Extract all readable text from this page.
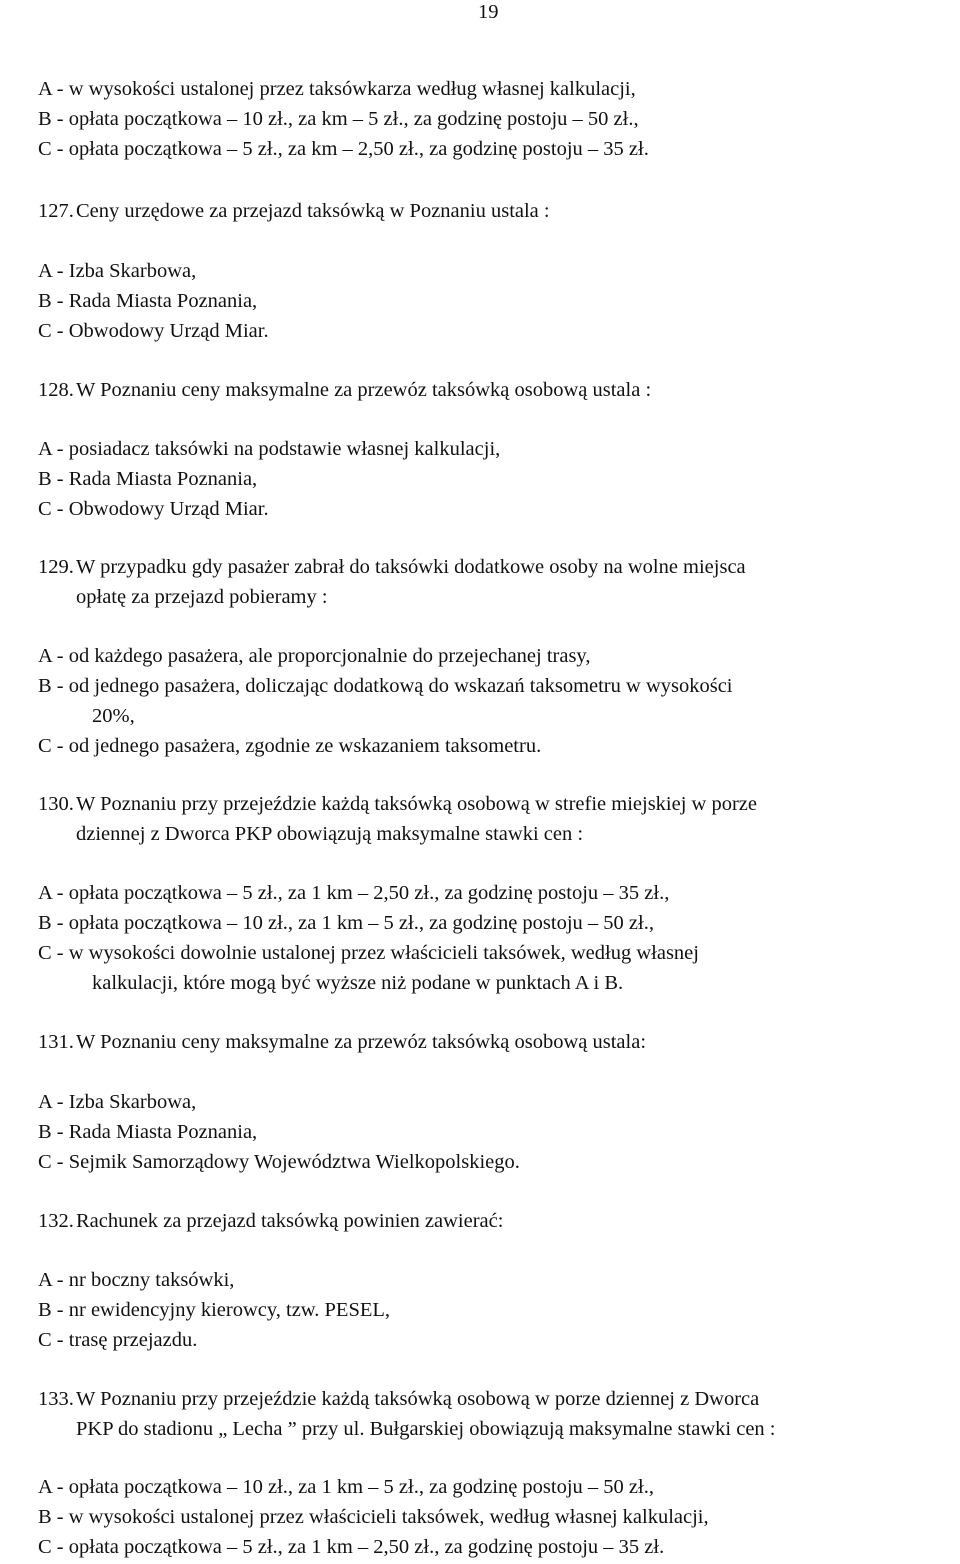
19
A - w wysokości ustalonej przez taksówkarza według własnej kalkulacji,
B - opłata początkowa – 10 zł., za km – 5 zł., za godzinę postoju – 50 zł.,
C - opłata początkowa – 5 zł., za km – 2,50 zł., za godzinę postoju – 35 zł.
127. Ceny urzędowe za przejazd taksówką w Poznaniu ustala :
A - Izba Skarbowa,
B - Rada Miasta Poznania,
C - Obwodowy Urząd Miar.
128. W Poznaniu ceny maksymalne za przewóz taksówką osobową ustala :
A - posiadacz taksówki na podstawie własnej kalkulacji,
B - Rada Miasta Poznania,
C - Obwodowy Urząd Miar.
129. W przypadku gdy pasażer zabrał do taksówki dodatkowe osoby na wolne miejsca
opłatę za przejazd pobieramy :
A - od każdego pasażera, ale proporcjonalnie do przejechanej trasy,
B - od jednego pasażera, doliczając dodatkową do wskazań taksometru w wysokości
20%,
C - od jednego pasażera, zgodnie ze wskazaniem taksometru.
130. W Poznaniu przy przejeździe każdą taksówką osobową w strefie miejskiej w porze
dziennej z Dworca PKP obowiązują maksymalne stawki cen :
A - opłata początkowa – 5 zł., za 1 km – 2,50 zł., za godzinę postoju – 35 zł.,
B - opłata początkowa – 10 zł., za 1 km – 5 zł., za godzinę postoju – 50 zł.,
C - w wysokości dowolnie ustalonej przez właścicieli taksówek, według własnej
kalkulacji, które mogą być wyższe niż podane w punktach A i B.
131. W Poznaniu ceny maksymalne za przewóz taksówką osobową ustala:
A - Izba Skarbowa,
B - Rada Miasta Poznania,
C - Sejmik Samorządowy Województwa Wielkopolskiego.
132. Rachunek za przejazd taksówką powinien zawierać:
A - nr boczny taksówki,
B - nr ewidencyjny kierowcy, tzw. PESEL,
C - trasę przejazdu.
133. W Poznaniu przy przejeździe każdą taksówką osobową w porze dziennej z Dworca
PKP do stadionu „ Lecha ” przy ul. Bułgarskiej obowiązują maksymalne stawki cen :
A - opłata początkowa – 10 zł., za 1 km – 5 zł., za godzinę postoju – 50 zł.,
B - w wysokości ustalonej przez właścicieli taksówek, według własnej kalkulacji,
C - opłata początkowa – 5 zł., za 1 km – 2,50 zł., za godzinę postoju – 35 zł.
